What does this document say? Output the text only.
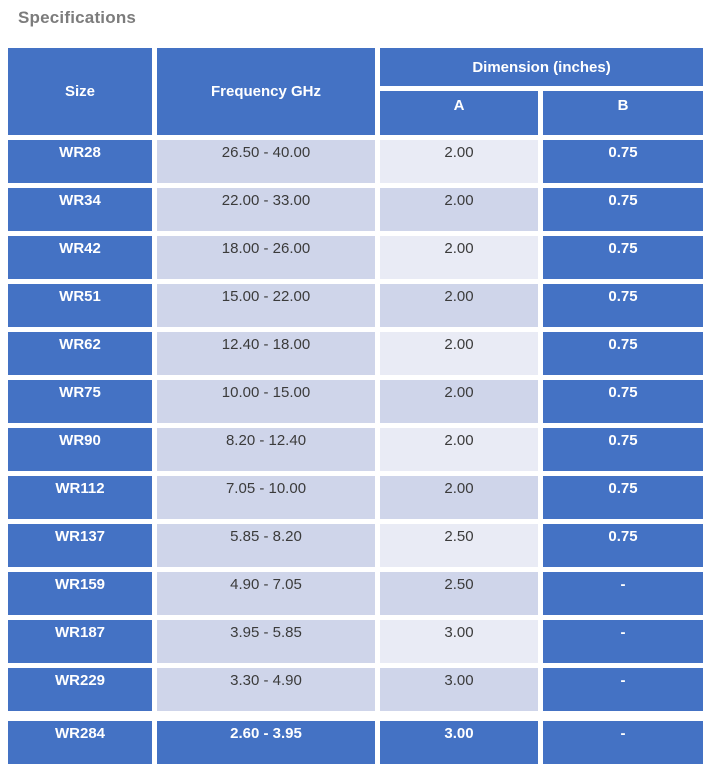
Specifications
Size	Frequency GHz	Dimension (inches)	
		A	B
WR28	26.50 - 40.00	2.00	0.75
WR34	22.00 - 33.00	2.00	0.75
WR42	18.00 - 26.00	2.00	0.75
WR51	15.00 - 22.00	2.00	0.75
WR62	12.40 - 18.00	2.00	0.75
WR75	10.00 - 15.00	2.00	0.75
WR90	8.20 - 12.40	2.00	0.75
WR112	7.05 - 10.00	2.00	0.75
WR137	5.85 - 8.20	2.50	0.75
WR159	4.90 - 7.05	2.50	-
WR187	3.95 - 5.85	3.00	-
WR229	3.30 - 4.90	3.00	-

WR284	2.60 - 3.95	3.00	-
